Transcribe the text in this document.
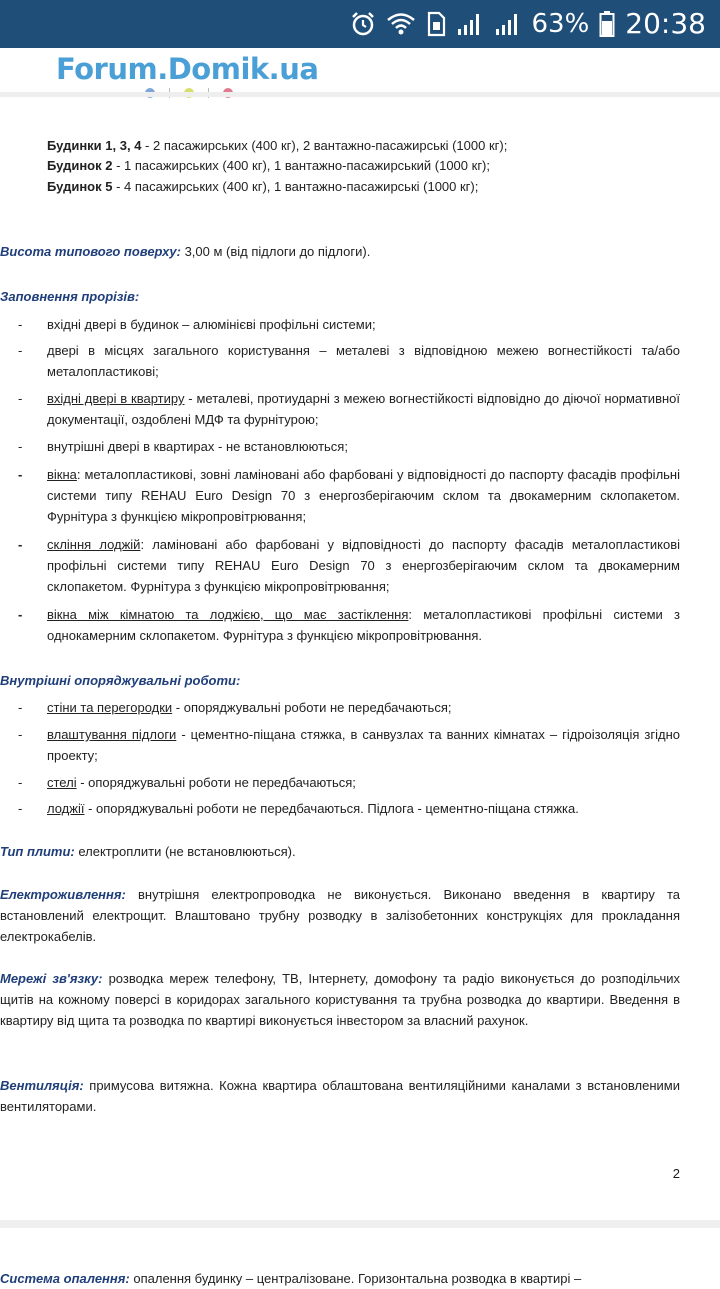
63% 20:38
Forum.Domik.ua
Будинки 1, 3, 4 - 2 пасажирських (400 кг), 2 вантажно-пасажирські (1000 кг);
Будинок 2 - 1 пасажирських (400 кг), 1 вантажно-пасажирський (1000 кг);
Будинок 5 - 4 пасажирських (400 кг), 1 вантажно-пасажирські (1000 кг);
Висота типового поверху: 3,00 м (від підлоги до підлоги).
Заповнення прорізів:
- вхідні двері в будинок – алюмінієві профільні системи;
- двері в місцях загального користування – металеві з відповідною межею вогнестійкості та/або металопластикові;
- вхідні двері в квартиру - металеві, протиударні з межею вогнестійкості відповідно до діючої нормативної документації, оздоблені МДФ та фурнітурою;
- внутрішні двері в квартирах - не встановлюються;
- вікна: металопластикові, зовні ламіновані або фарбовані у відповідності до паспорту фасадів профільні системи типу REHAU Euro Design 70 з енергозберігаючим склом та двокамерним склопакетом. Фурнітура з функцією мікропровітрювання;
- скління лоджій: ламіновані або фарбовані у відповідності до паспорту фасадів металопластикові профільні системи типу REHAU Euro Design 70 з енергозберігаючим склом та двокамерним склопакетом. Фурнітура з функцією мікропровітрювання;
- вікна між кімнатою та лоджією, що має застіклення: металопластикові профільні системи з однокамерним склопакетом. Фурнітура з функцією мікропровітрювання.
Внутрішні опоряджувальні роботи:
- стіни та перегородки - опоряджувальні роботи не передбачаються;
- влаштування підлоги - цементно-піщана стяжка, в санвузлах та ванних кімнатах – гідроізоляція згідно проекту;
- стелі - опоряджувальні роботи не передбачаються;
- лоджії - опоряджувальні роботи не передбачаються. Підлога - цементно-піщана стяжка.
Тип плити: електроплити (не встановлюються).
Електроживлення: внутрішня електропроводка не виконується. Виконано введення в квартиру та встановлений електрощит. Влаштовано трубну розводку в залізобетонних конструкціях для прокладання електрокабелів.
Мережі зв'язку: розводка мереж телефону, ТВ, Інтернету, домофону та радіо виконується до розподільчих щитів на кожному поверсі в коридорах загального користування та трубна розводка до квартири. Введення в квартиру від щита та розводка по квартирі виконується інвестором за власний рахунок.
Вентиляція: примусова витяжна. Кожна квартира облаштована вентиляційними каналами з встановленими вентиляторами.
2
Система опалення: опалення будинку – централізоване. Горизонтальна розводка в квартирі –
